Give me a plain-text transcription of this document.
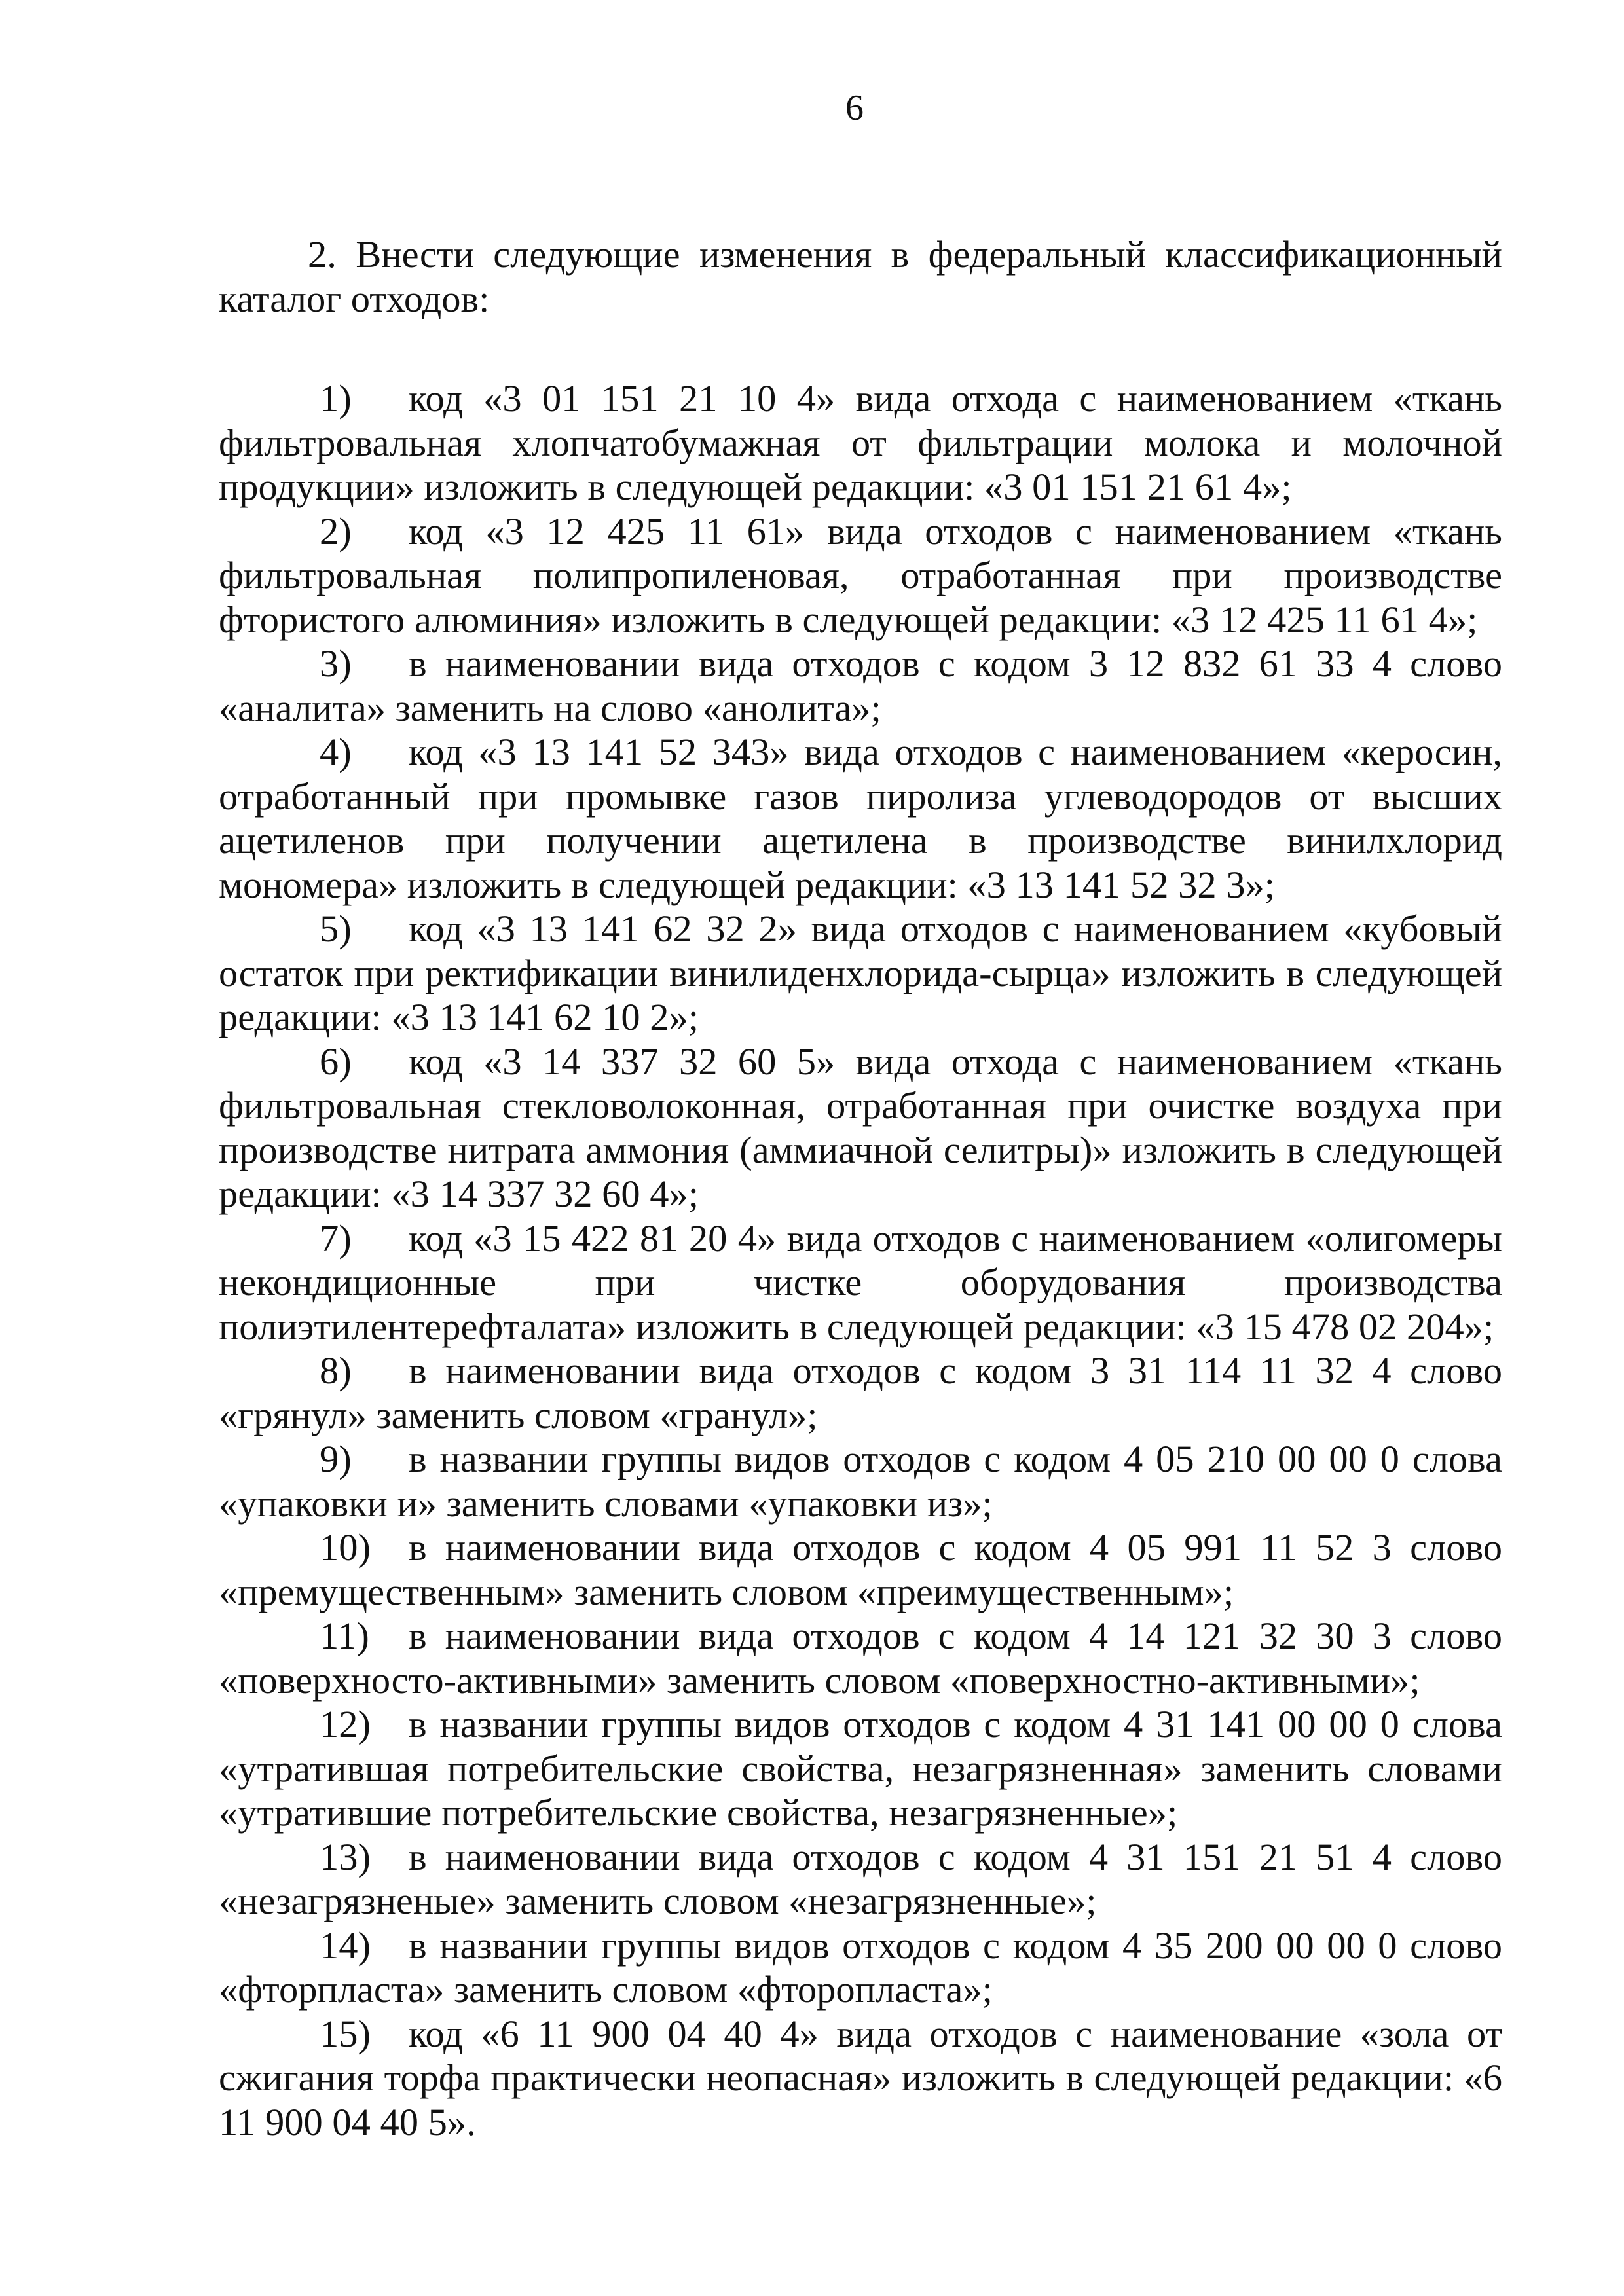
6

2. Внести следующие изменения в федеральный классификационный каталог отходов:

1) код «3 01 151 21 10 4» вида отхода с наименованием «ткань фильтровальная хлопчатобумажная от фильтрации молока и молочной продукции» изложить в следующей редакции: «3 01 151 21 61 4»;
2) код «3 12 425 11 61» вида отходов с наименованием «ткань фильтровальная полипропиленовая, отработанная при производстве фтористого алюминия» изложить в следующей редакции: «3 12 425 11 61 4»;
3) в наименовании вида отходов с кодом 3 12 832 61 33 4 слово «аналита» заменить на слово «анолита»;
4) код «3 13 141 52 343» вида отходов с наименованием «керосин, отработанный при промывке газов пиролиза углеводородов от высших ацетиленов при получении ацетилена в производстве винилхлорид мономера» изложить в следующей редакции: «3 13 141 52 32 3»;
5) код «3 13 141 62 32 2» вида отходов с наименованием «кубовый остаток при ректификации винилиденхлорида-сырца» изложить в следующей редакции: «3 13 141 62 10 2»;
6) код «3 14 337 32 60 5» вида отхода с наименованием «ткань фильтровальная стекловолоконная, отработанная при очистке воздуха при производстве нитрата аммония (аммиачной селитры)» изложить в следующей редакции: «3 14 337 32 60 4»;
7) код «3 15 422 81 20 4» вида отходов с наименованием «олигомеры некондиционные при чистке оборудования производства полиэтилентерефталата» изложить в следующей редакции: «3 15 478 02 204»;
8) в наименовании вида отходов с кодом 3 31 114 11 32 4 слово «грянул» заменить словом «гранул»;
9) в названии группы видов отходов с кодом 4 05 210 00 00 0 слова «упаковки и» заменить словами «упаковки из»;
10) в наименовании вида отходов с кодом 4 05 991 11 52 3 слово «премущественным» заменить словом «преимущественным»;
11) в наименовании вида отходов с кодом 4 14 121 32 30 3 слово «поверхносто-активными» заменить словом «поверхностно-активными»;
12) в названии группы видов отходов с кодом 4 31 141 00 00 0 слова «утратившая потребительские свойства, незагрязненная» заменить словами «утратившие потребительские свойства, незагрязненные»;
13) в наименовании вида отходов с кодом 4 31 151 21 51 4 слово «незагрязненые» заменить словом «незагрязненные»;
14) в названии группы видов отходов с кодом 4 35 200 00 00 0 слово «фторпласта» заменить словом «фторопласта»;
15) код «6 11 900 04 40 4» вида отходов с наименование «зола от сжигания торфа практически неопасная» изложить в следующей редакции: «6 11 900 04 40 5».
